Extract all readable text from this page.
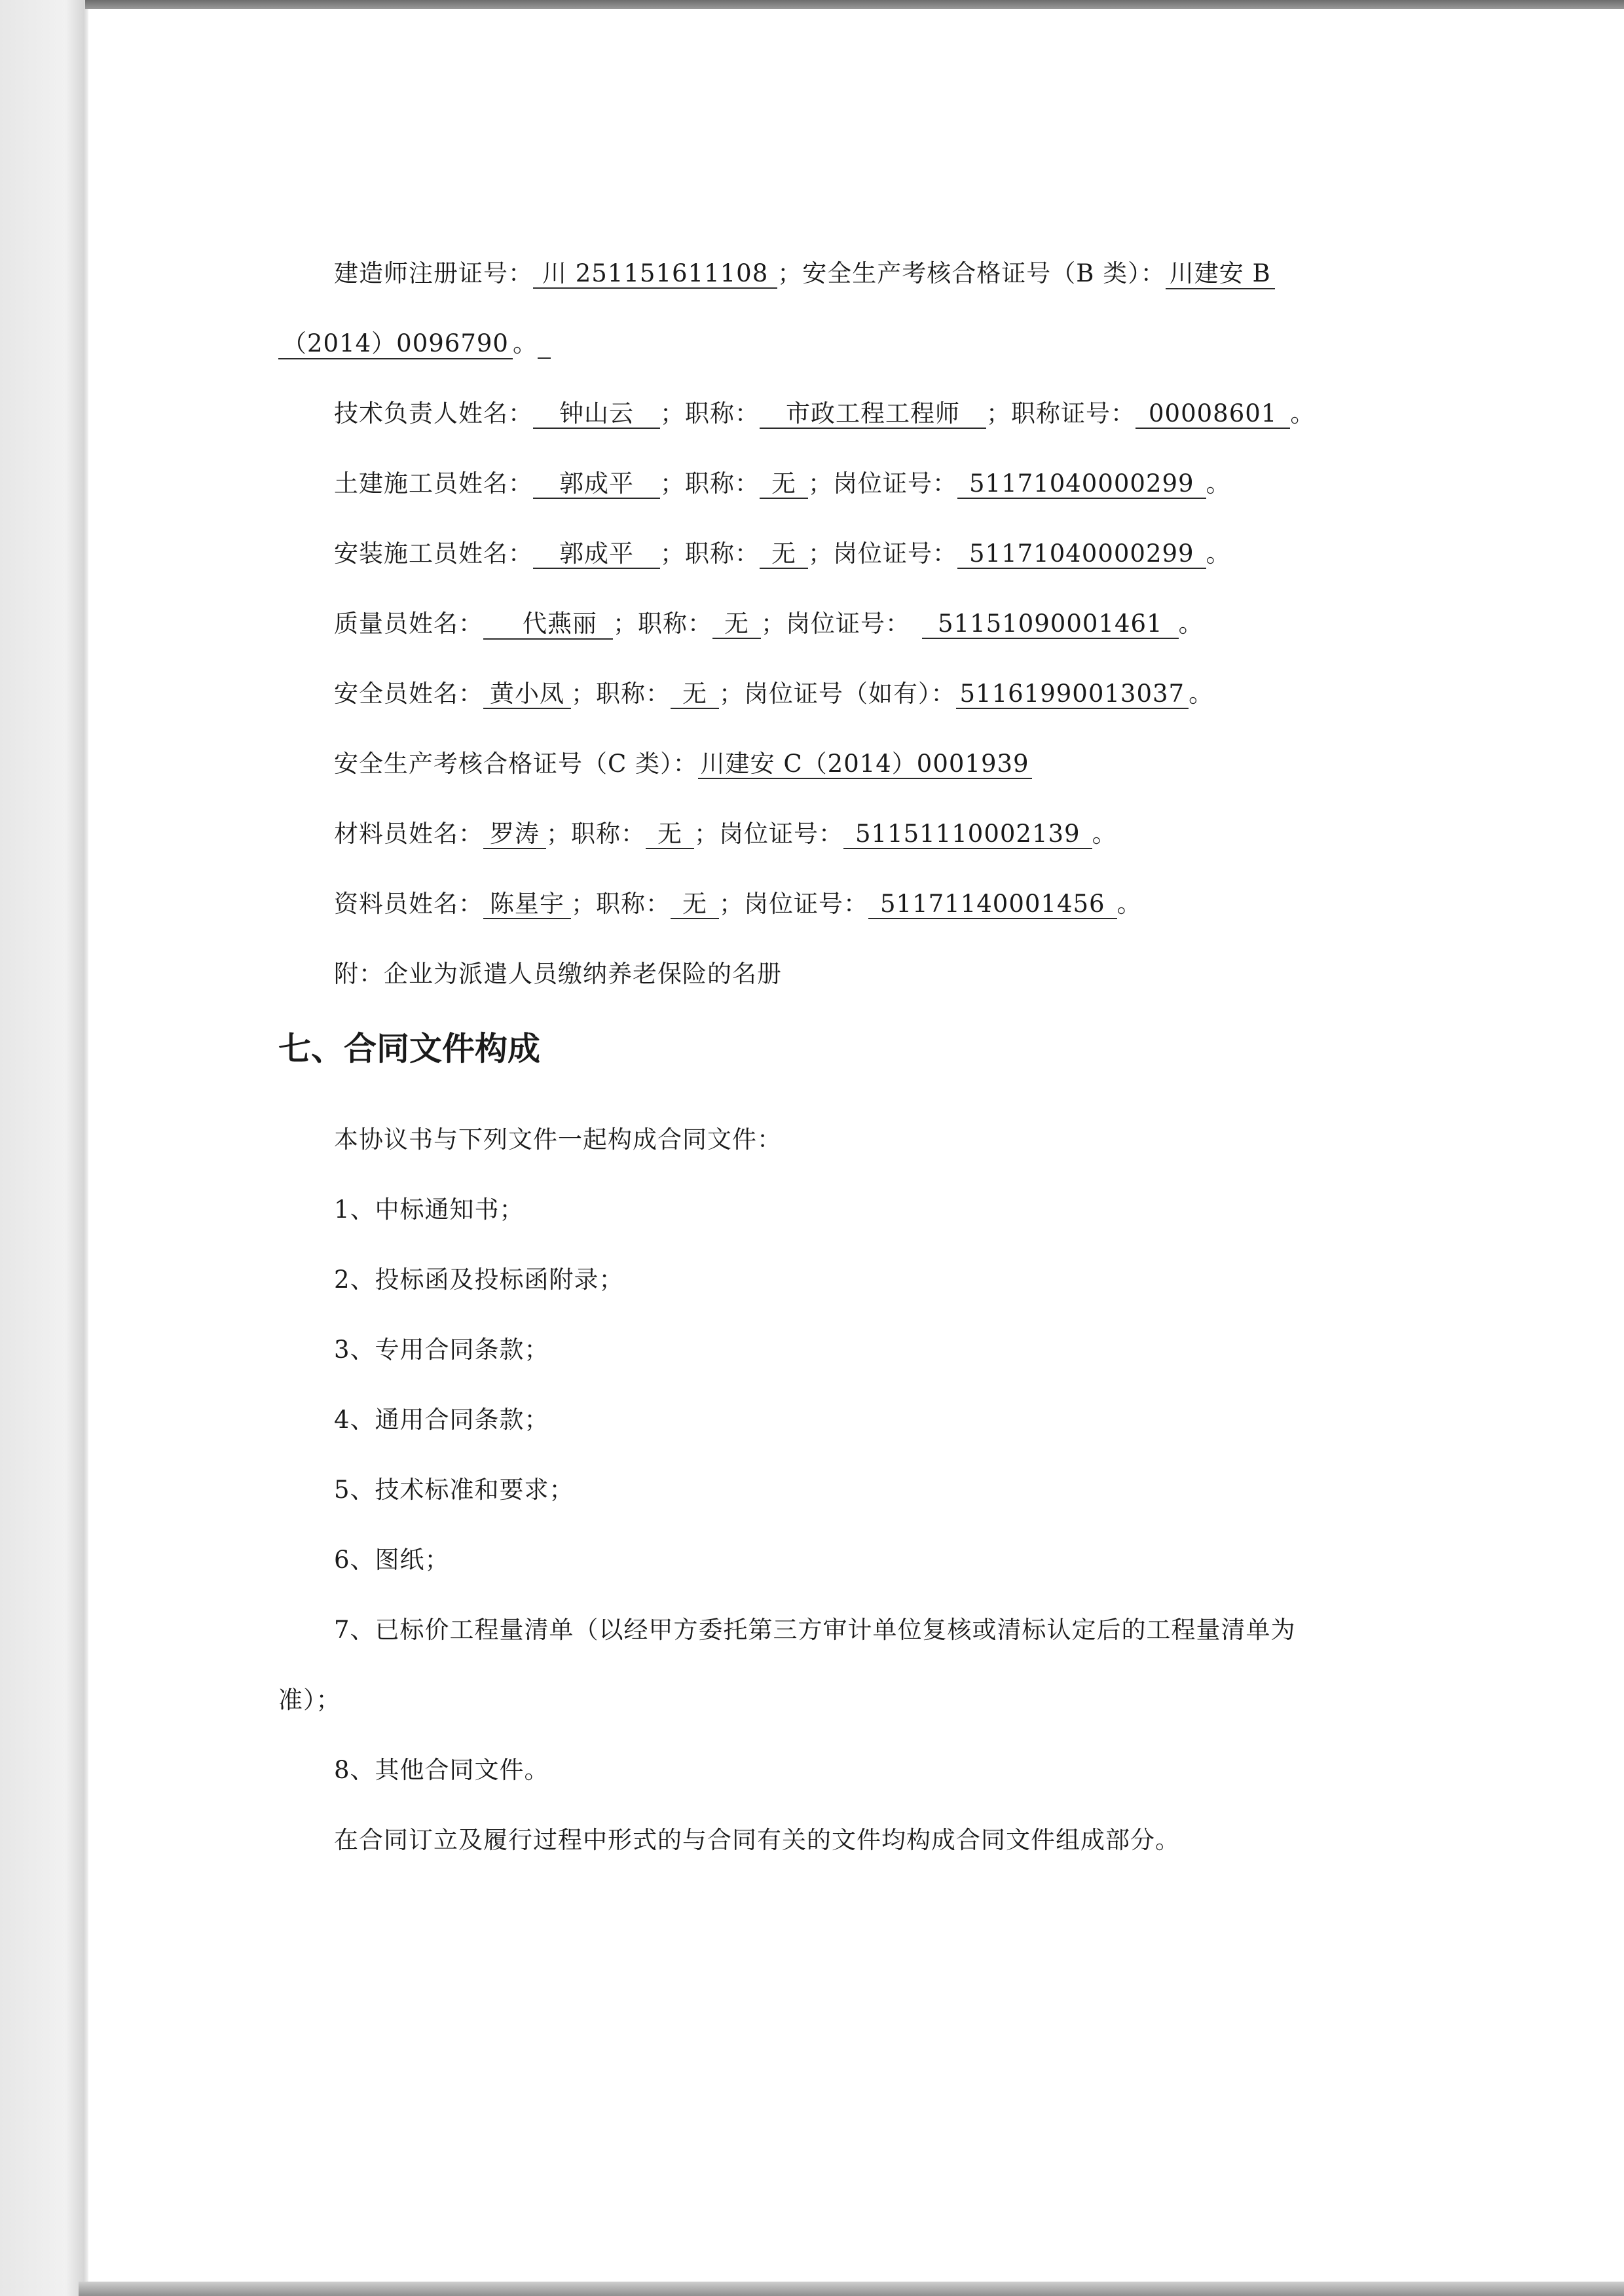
建造师注册证号： 川 251151611108 ；安全生产考核合格证号（B 类）： 川建安 B
（2014）0096790 。
技术负责人姓名： 钟山云 ；职称： 市政工程工程师 ；职称证号： 00008601 。
土建施工员姓名： 郭成平 ；职称： 无 ；岗位证号： 51171040000299 。
安装施工员姓名： 郭成平 ；职称： 无 ；岗位证号： 51171040000299 。
质量员姓名： 代燕丽 ；职称： 无 ；岗位证号： 51151090001461 。
安全员姓名： 黄小凤 ；职称： 无 ；岗位证号（如有）： 51161990013037 。
安全生产考核合格证号（C 类）： 川建安 C（2014）0001939
材料员姓名： 罗涛 ；职称： 无 ；岗位证号： 51151110002139 。
资料员姓名： 陈星宇 ；职称： 无 ；岗位证号： 51171140001456 。
附：企业为派遣人员缴纳养老保险的名册
七、合同文件构成
本协议书与下列文件一起构成合同文件：
1、中标通知书；
2、投标函及投标函附录；
3、专用合同条款；
4、通用合同条款；
5、技术标准和要求；
6、图纸；
7、已标价工程量清单（以经甲方委托第三方审计单位复核或清标认定后的工程量清单为
准）；
8、其他合同文件。
在合同订立及履行过程中形式的与合同有关的文件均构成合同文件组成部分。
